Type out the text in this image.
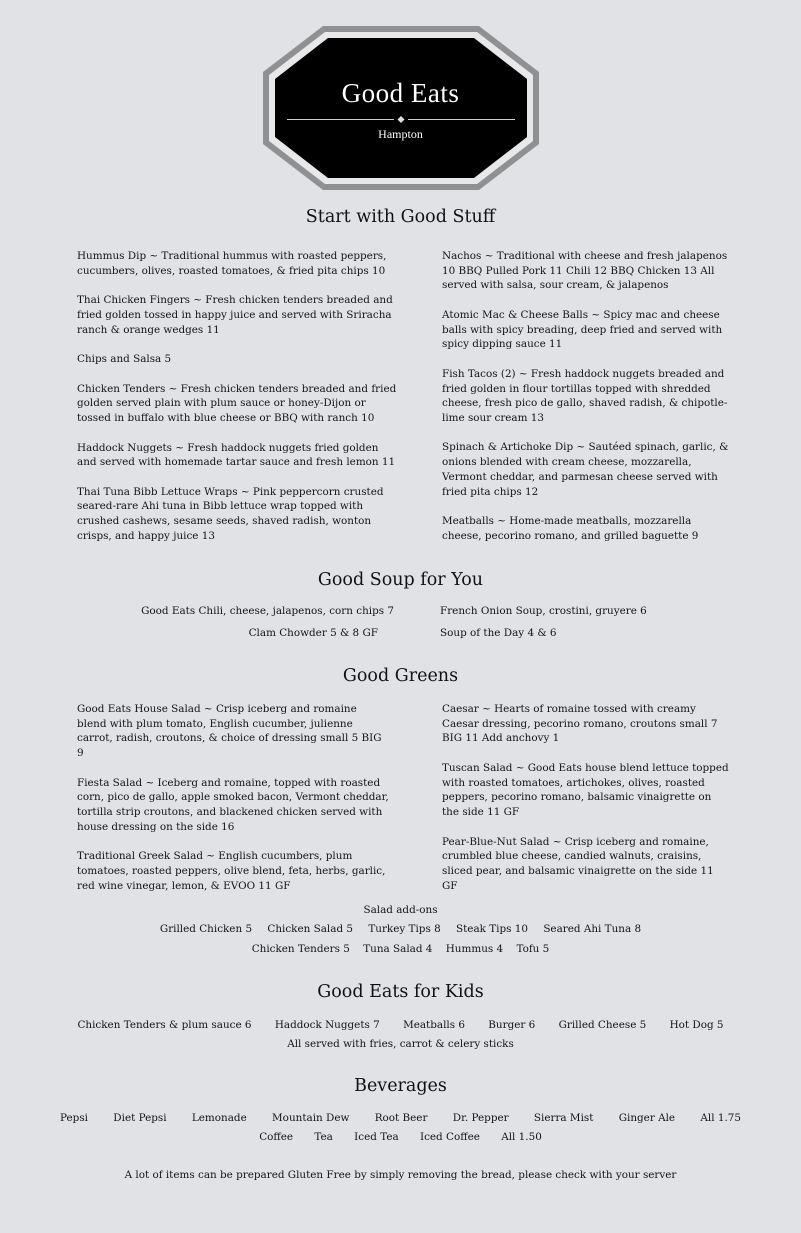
Good Eats
Hampton
Start with Good Stuff

Hummus Dip ~ Traditional hummus with roasted peppers, cucumbers, olives, roasted tomatoes, & fried pita chips 10

Thai Chicken Fingers ~ Fresh chicken tenders breaded and fried golden tossed in happy juice and served with Sriracha ranch & orange wedges 11

Chips and Salsa 5

Chicken Tenders ~ Fresh chicken tenders breaded and fried golden served plain with plum sauce or honey-Dijon or tossed in buffalo with blue cheese or BBQ with ranch 10

Haddock Nuggets ~ Fresh haddock nuggets fried golden and served with homemade tartar sauce and fresh lemon 11

Thai Tuna Bibb Lettuce Wraps ~ Pink peppercorn crusted seared-rare Ahi tuna in Bibb lettuce wrap topped with crushed cashews, sesame seeds, shaved radish, wonton crisps, and happy juice 13

Nachos ~ Traditional with cheese and fresh jalapenos 10 BBQ Pulled Pork 11 Chili 12 BBQ Chicken 13 All served with salsa, sour cream, & jalapenos

Atomic Mac & Cheese Balls ~ Spicy mac and cheese balls with spicy breading, deep fried and served with spicy dipping sauce 11

Fish Tacos (2) ~ Fresh haddock nuggets breaded and fried golden in flour tortillas topped with shredded cheese, fresh pico de gallo, shaved radish, & chipotle-lime sour cream 13

Spinach & Artichoke Dip ~ Sautéed spinach, garlic, & onions blended with cream cheese, mozzarella, Vermont cheddar, and parmesan cheese served with fried pita chips 12

Meatballs ~ Home-made meatballs, mozzarella cheese, pecorino romano, and grilled baguette 9

Good Soup for You
Good Eats Chili, cheese, jalapenos, corn chips 7	French Onion Soup, crostini, gruyere 6
Clam Chowder 5 & 8 GF	Soup of the Day 4 & 6
Good Greens

Good Eats House Salad ~ Crisp iceberg and romaine blend with plum tomato, English cucumber, julienne carrot, radish, croutons, & choice of dressing small 5 BIG 9

Fiesta Salad ~ Iceberg and romaine, topped with roasted corn, pico de gallo, apple smoked bacon, Vermont cheddar, tortilla strip croutons, and blackened chicken served with house dressing on the side 16

Traditional Greek Salad ~ English cucumbers, plum tomatoes, roasted peppers, olive blend, feta, herbs, garlic, red wine vinegar, lemon, & EVOO 11 GF

Caesar ~ Hearts of romaine tossed with creamy Caesar dressing, pecorino romano, croutons small 7 BIG 11 Add anchovy 1

Tuscan Salad ~ Good Eats house blend lettuce topped with roasted tomatoes, artichokes, olives, roasted peppers, pecorino romano, balsamic vinaigrette on the side 11 GF

Pear-Blue-Nut Salad ~ Crisp iceberg and romaine, crumbled blue cheese, candied walnuts, craisins, sliced pear, and balsamic vinaigrette on the side 11 GF

Salad add-ons
Grilled Chicken 5 Chicken Salad 5 Turkey Tips 8 Steak Tips 10 Seared Ahi Tuna 8
Chicken Tenders 5 Tuna Salad 4 Hummus 4 Tofu 5
Good Eats for Kids
Chicken Tenders & plum sauce 6 Haddock Nuggets 7 Meatballs 6 Burger 6 Grilled Cheese 5 Hot Dog 5
All served with fries, carrot & celery sticks
Beverages
Pepsi Diet Pepsi Lemonade Mountain Dew Root Beer Dr. Pepper Sierra Mist Ginger Ale All 1.75
Coffee Tea Iced Tea Iced Coffee All 1.50
A lot of items can be prepared Gluten Free by simply removing the bread, please check with your server
